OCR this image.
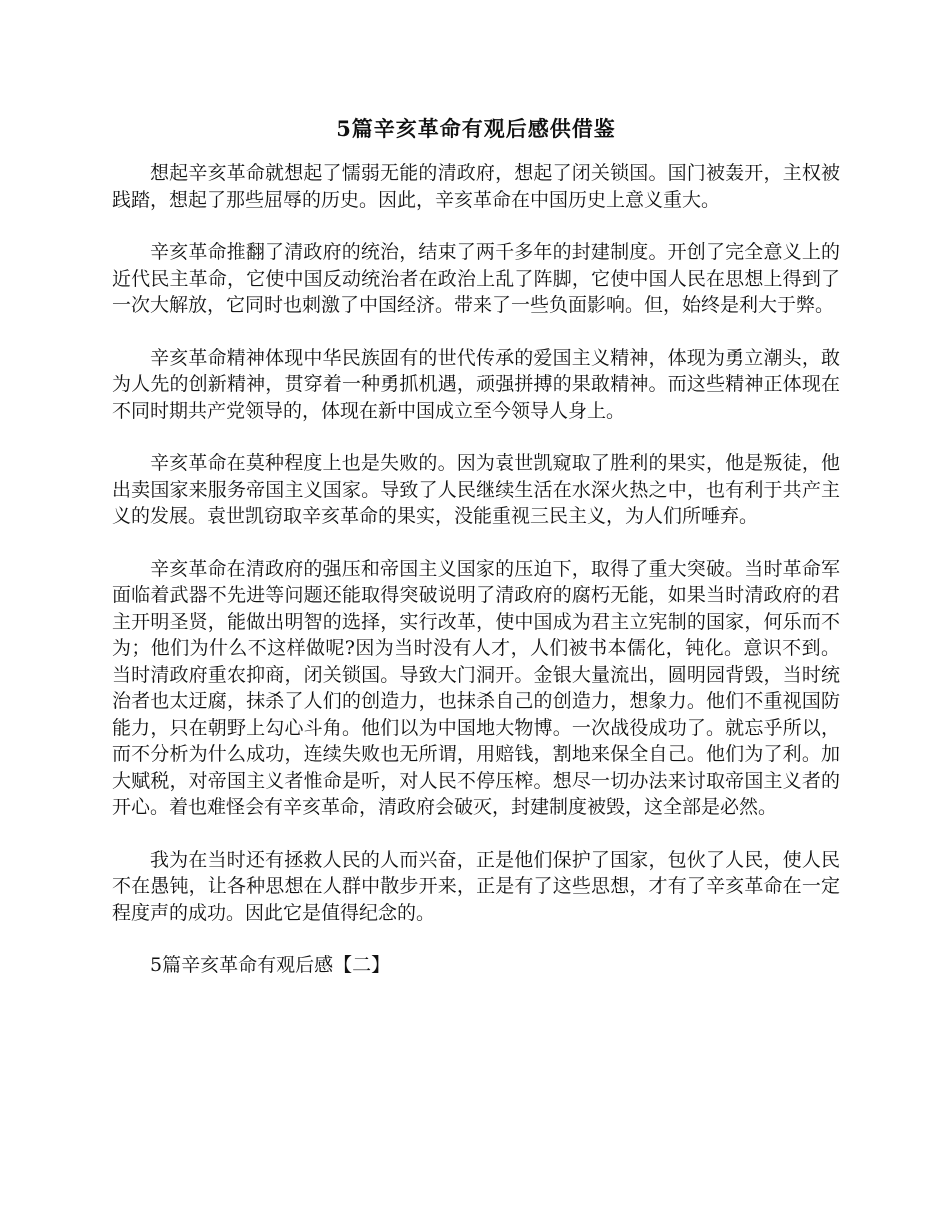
5篇辛亥革命有观后感供借鉴

想起辛亥革命就想起了懦弱无能的清政府，想起了闭关锁国。国门被轰开，主权被践踏，想起了那些屈辱的历史。因此，辛亥革命在中国历史上意义重大。

辛亥革命推翻了清政府的统治，结束了两千多年的封建制度。开创了完全意义上的近代民主革命，它使中国反动统治者在政治上乱了阵脚，它使中国人民在思想上得到了一次大解放，它同时也刺激了中国经济。带来了一些负面影响。但，始终是利大于弊。

辛亥革命精神体现中华民族固有的世代传承的爱国主义精神，体现为勇立潮头，敢为人先的创新精神，贯穿着一种勇抓机遇，顽强拼搏的果敢精神。而这些精神正体现在不同时期共产党领导的，体现在新中国成立至今领导人身上。

辛亥革命在莫种程度上也是失败的。因为袁世凯窥取了胜利的果实，他是叛徒，他出卖国家来服务帝国主义国家。导致了人民继续生活在水深火热之中，也有利于共产主义的发展。袁世凯窃取辛亥革命的果实，没能重视三民主义，为人们所唾弃。

辛亥革命在清政府的强压和帝国主义国家的压迫下，取得了重大突破。当时革命军面临着武器不先进等问题还能取得突破说明了清政府的腐朽无能，如果当时清政府的君主开明圣贤，能做出明智的选择，实行改革，使中国成为君主立宪制的国家，何乐而不为；他们为什么不这样做呢?因为当时没有人才，人们被书本儒化，钝化。意识不到。当时清政府重农抑商，闭关锁国。导致大门洞开。金银大量流出，圆明园背毁，当时统治者也太迂腐，抹杀了人们的创造力，也抹杀自己的创造力，想象力。他们不重视国防能力，只在朝野上勾心斗角。他们以为中国地大物博。一次战役成功了。就忘乎所以，而不分析为什么成功，连续失败也无所谓，用赔钱，割地来保全自己。他们为了利。加大赋税，对帝国主义者惟命是听，对人民不停压榨。想尽一切办法来讨取帝国主义者的开心。着也难怪会有辛亥革命，清政府会破灭，封建制度被毁，这全部是必然。

我为在当时还有拯救人民的人而兴奋，正是他们保护了国家，包伙了人民，使人民不在愚钝，让各种思想在人群中散步开来，正是有了这些思想，才有了辛亥革命在一定程度声的成功。因此它是值得纪念的。

5篇辛亥革命有观后感【二】
